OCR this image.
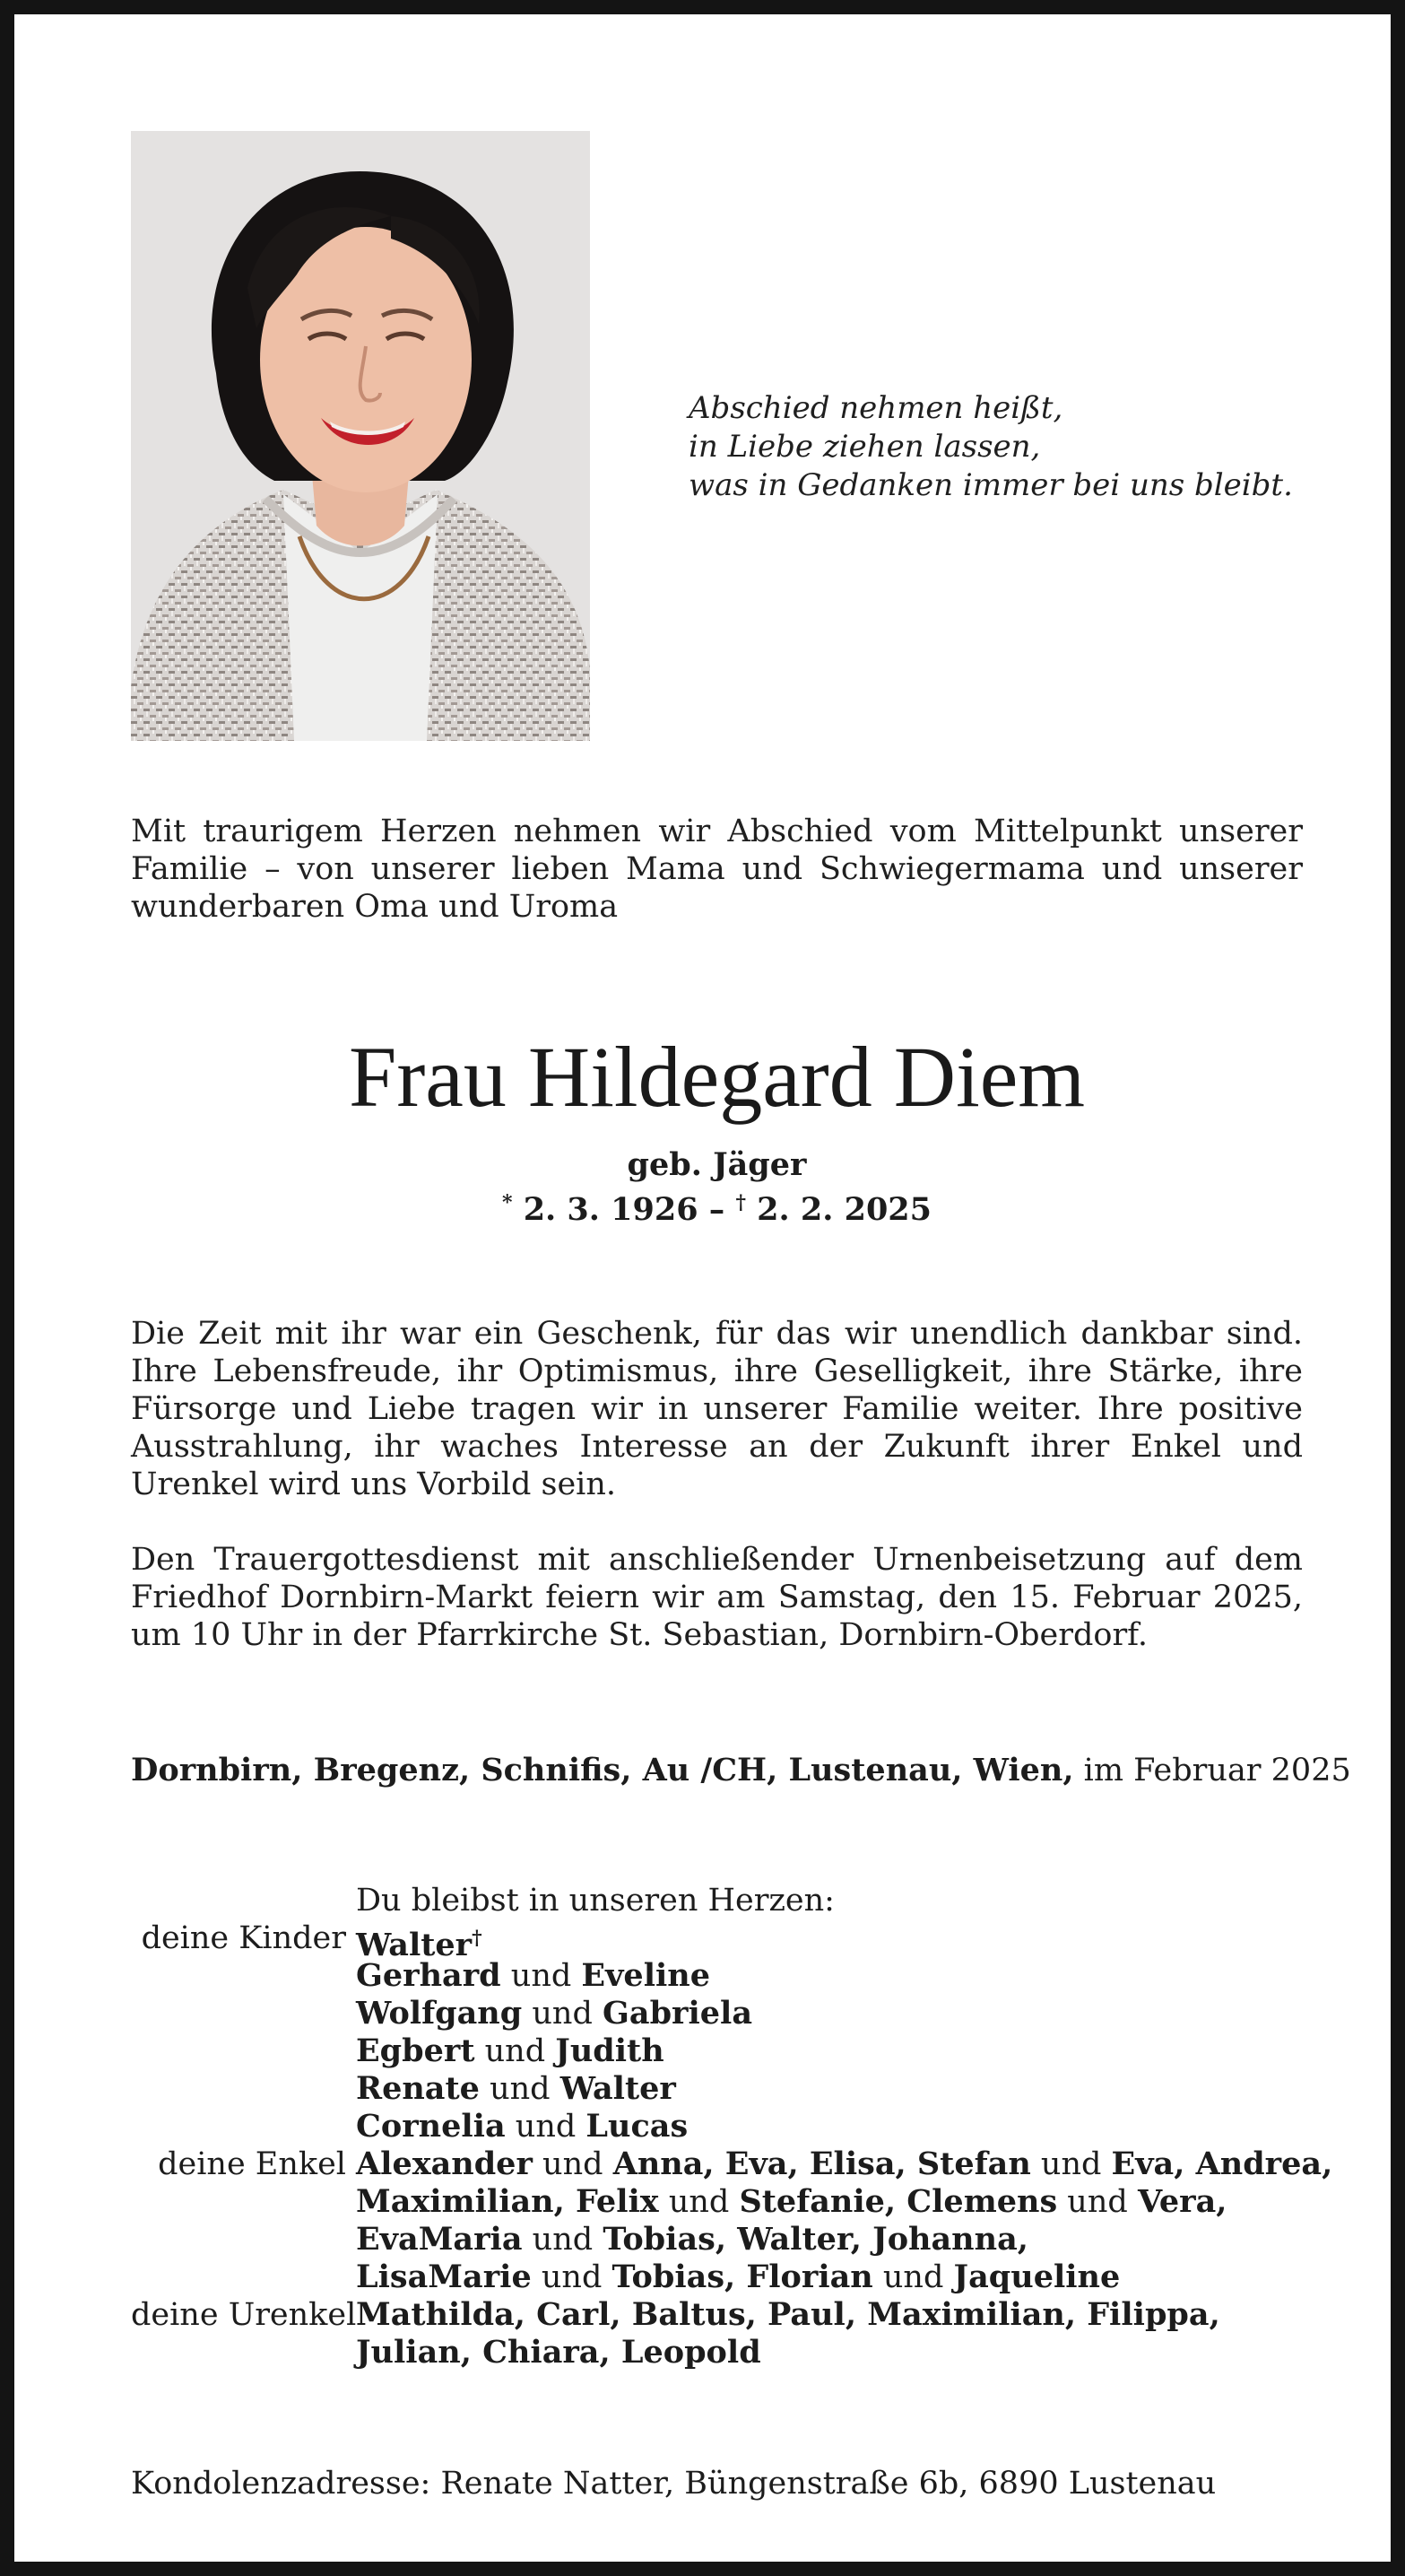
Abschied nehmen heißt,
in Liebe ziehen lassen,
was in Gedanken immer bei uns bleibt.
Mit traurigem Herzen nehmen wir Abschied vom Mittelpunkt unserer Familie – von unserer lieben Mama und Schwiegermama und unserer wunderbaren Oma und Uroma
Frau Hildegard Diem
geb. Jäger
* 2. 3. 1926 – † 2. 2. 2025
Die Zeit mit ihr war ein Geschenk, für das wir unendlich dankbar sind. Ihre Lebensfreude, ihr Optimismus, ihre Geselligkeit, ihre Stärke, ihre Fürsorge und Liebe tragen wir in unserer Familie weiter. Ihre positive Ausstrahlung, ihr waches Interesse an der Zukunft ihrer Enkel und Urenkel wird uns Vorbild sein.
Den Trauergottesdienst mit anschließender Urnenbeisetzung auf dem Friedhof Dornbirn-Markt feiern wir am Samstag, den 15. Februar 2025, um 10 Uhr in der Pfarrkirche St. Sebastian, Dornbirn-Oberdorf.
Dornbirn, Bregenz, Schnifis, Au /CH, Lustenau, Wien, im Februar 2025
Du bleibst in unseren Herzen:
deine Kinder Walter†
Gerhard und Eveline
Wolfgang und Gabriela
Egbert und Judith
Renate und Walter
Cornelia und Lucas
deine Enkel Alexander und Anna, Eva, Elisa, Stefan und Eva, Andrea,
Maximilian, Felix und Stefanie, Clemens und Vera,
EvaMaria und Tobias, Walter, Johanna,
LisaMarie und Tobias, Florian und Jaqueline
deine Urenkel Mathilda, Carl, Baltus, Paul, Maximilian, Filippa,
Julian, Chiara, Leopold
Kondolenzadresse: Renate Natter, Büngenstraße 6b, 6890 Lustenau
